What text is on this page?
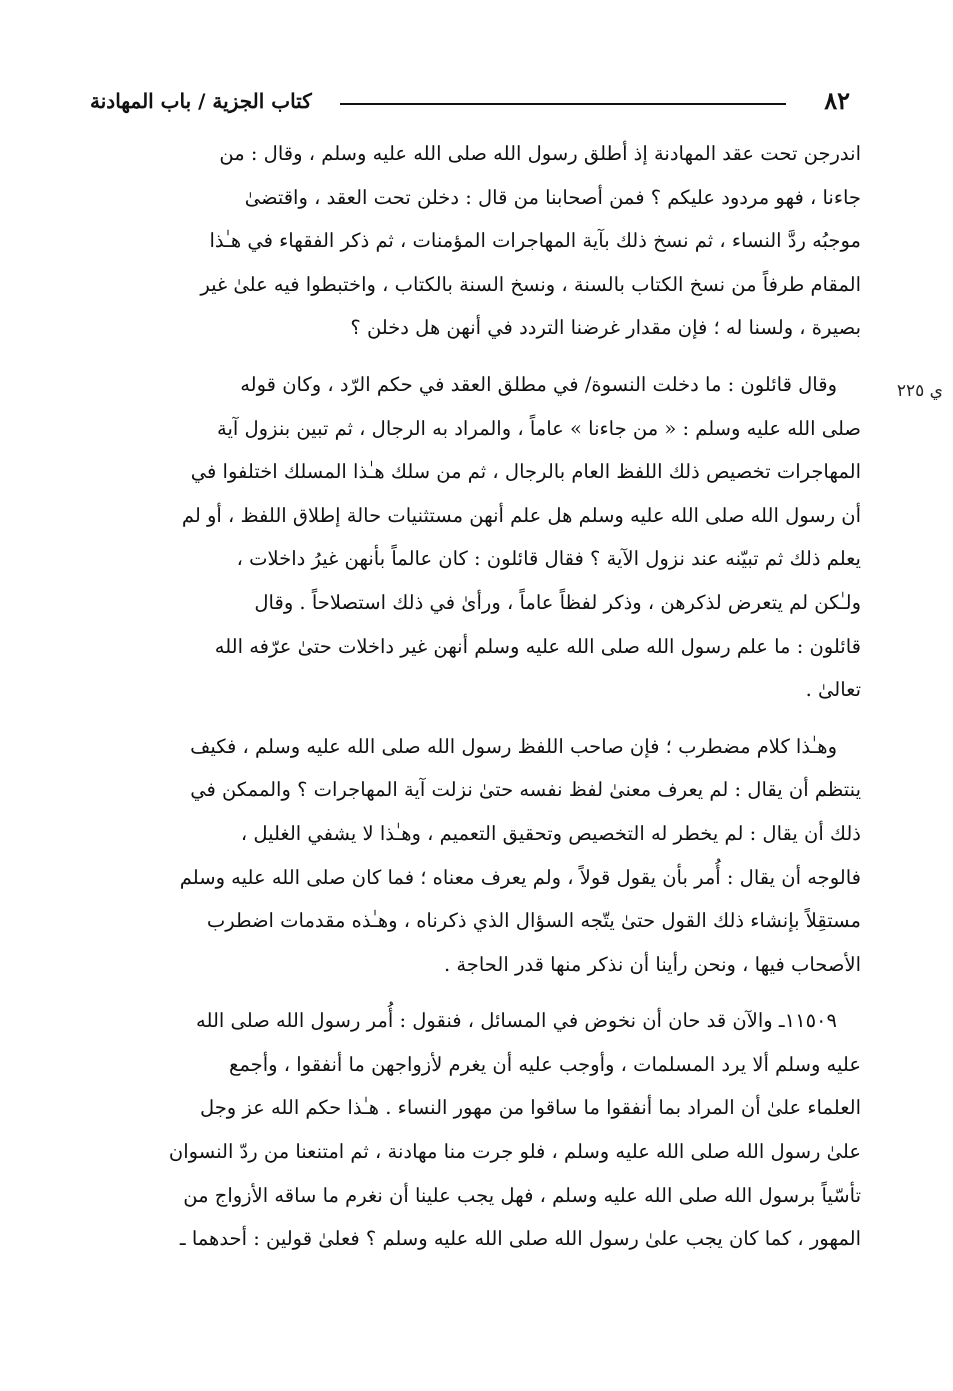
٨٢
كتاب الجزية / باب المهادنة
ي ٢٢٥

اندرجن تحت عقد المهادنة إذ أطلق رسول الله صلى الله عليه وسلم ، وقال : من
جاءنا ، فهو مردود عليكم ؟ فمن أصحابنا من قال : دخلن تحت العقد ، واقتضىٰ
موجبُه ردَّ النساء ، ثم نسخ ذلك بآية المهاجرات المؤمنات ، ثم ذكر الفقهاء في هـٰذا
المقام طرفاً من نسخ الكتاب بالسنة ، ونسخ السنة بالكتاب ، واختبطوا فيه علىٰ غير
بصيرة ، ولسنا له ؛ فإن مقدار غرضنا التردد في أنهن هل دخلن ؟

وقال قائلون : ما دخلت النسوة/ في مطلق العقد في حكم الرّد ، وكان قوله
صلى الله عليه وسلم : « من جاءنا » عاماً ، والمراد به الرجال ، ثم تبين بنزول آية
المهاجرات تخصيص ذلك اللفظ العام بالرجال ، ثم من سلك هـٰذا المسلك اختلفوا في
أن رسول الله صلى الله عليه وسلم هل علم أنهن مستثنيات حالة إطلاق اللفظ ، أو لم
يعلم ذلك ثم تبيّنه عند نزول الآية ؟ فقال قائلون : كان عالماً بأنهن غيرُ داخلات ،
ولـٰكن لم يتعرض لذكرهن ، وذكر لفظاً عاماً ، ورأىٰ في ذلك استصلاحاً . وقال
قائلون : ما علم رسول الله صلى الله عليه وسلم أنهن غير داخلات حتىٰ عرّفه الله
تعالىٰ .

وهـٰذا كلام مضطرب ؛ فإن صاحب اللفظ رسول الله صلى الله عليه وسلم ، فكيف
ينتظم أن يقال : لم يعرف معنىٰ لفظ نفسه حتىٰ نزلت آية المهاجرات ؟ والممكن في
ذلك أن يقال : لم يخطر له التخصيص وتحقيق التعميم ، وهـٰذا لا يشفي الغليل ،
فالوجه أن يقال : أُمر بأن يقول قولاً ، ولم يعرف معناه ؛ فما كان صلى الله عليه وسلم
مستقِلاً بإنشاء ذلك القول حتىٰ يتّجه السؤال الذي ذكرناه ، وهـٰذه مقدمات اضطرب
الأصحاب فيها ، ونحن رأينا أن نذكر منها قدر الحاجة .

١١٥٠٩ـ والآن قد حان أن نخوض في المسائل ، فنقول : أُمر رسول الله صلى الله
عليه وسلم ألا يرد المسلمات ، وأوجب عليه أن يغرم لأزواجهن ما أنفقوا ، وأجمع
العلماء علىٰ أن المراد بما أنفقوا ما ساقوا من مهور النساء . هـٰذا حكم الله عز وجل
علىٰ رسول الله صلى الله عليه وسلم ، فلو جرت منا مهادنة ، ثم امتنعنا من ردّ النسوان
تأسّياً برسول الله صلى الله عليه وسلم ، فهل يجب علينا أن نغرم ما ساقه الأزواج من
المهور ، كما كان يجب علىٰ رسول الله صلى الله عليه وسلم ؟ فعلىٰ قولين : أحدهما ـ
